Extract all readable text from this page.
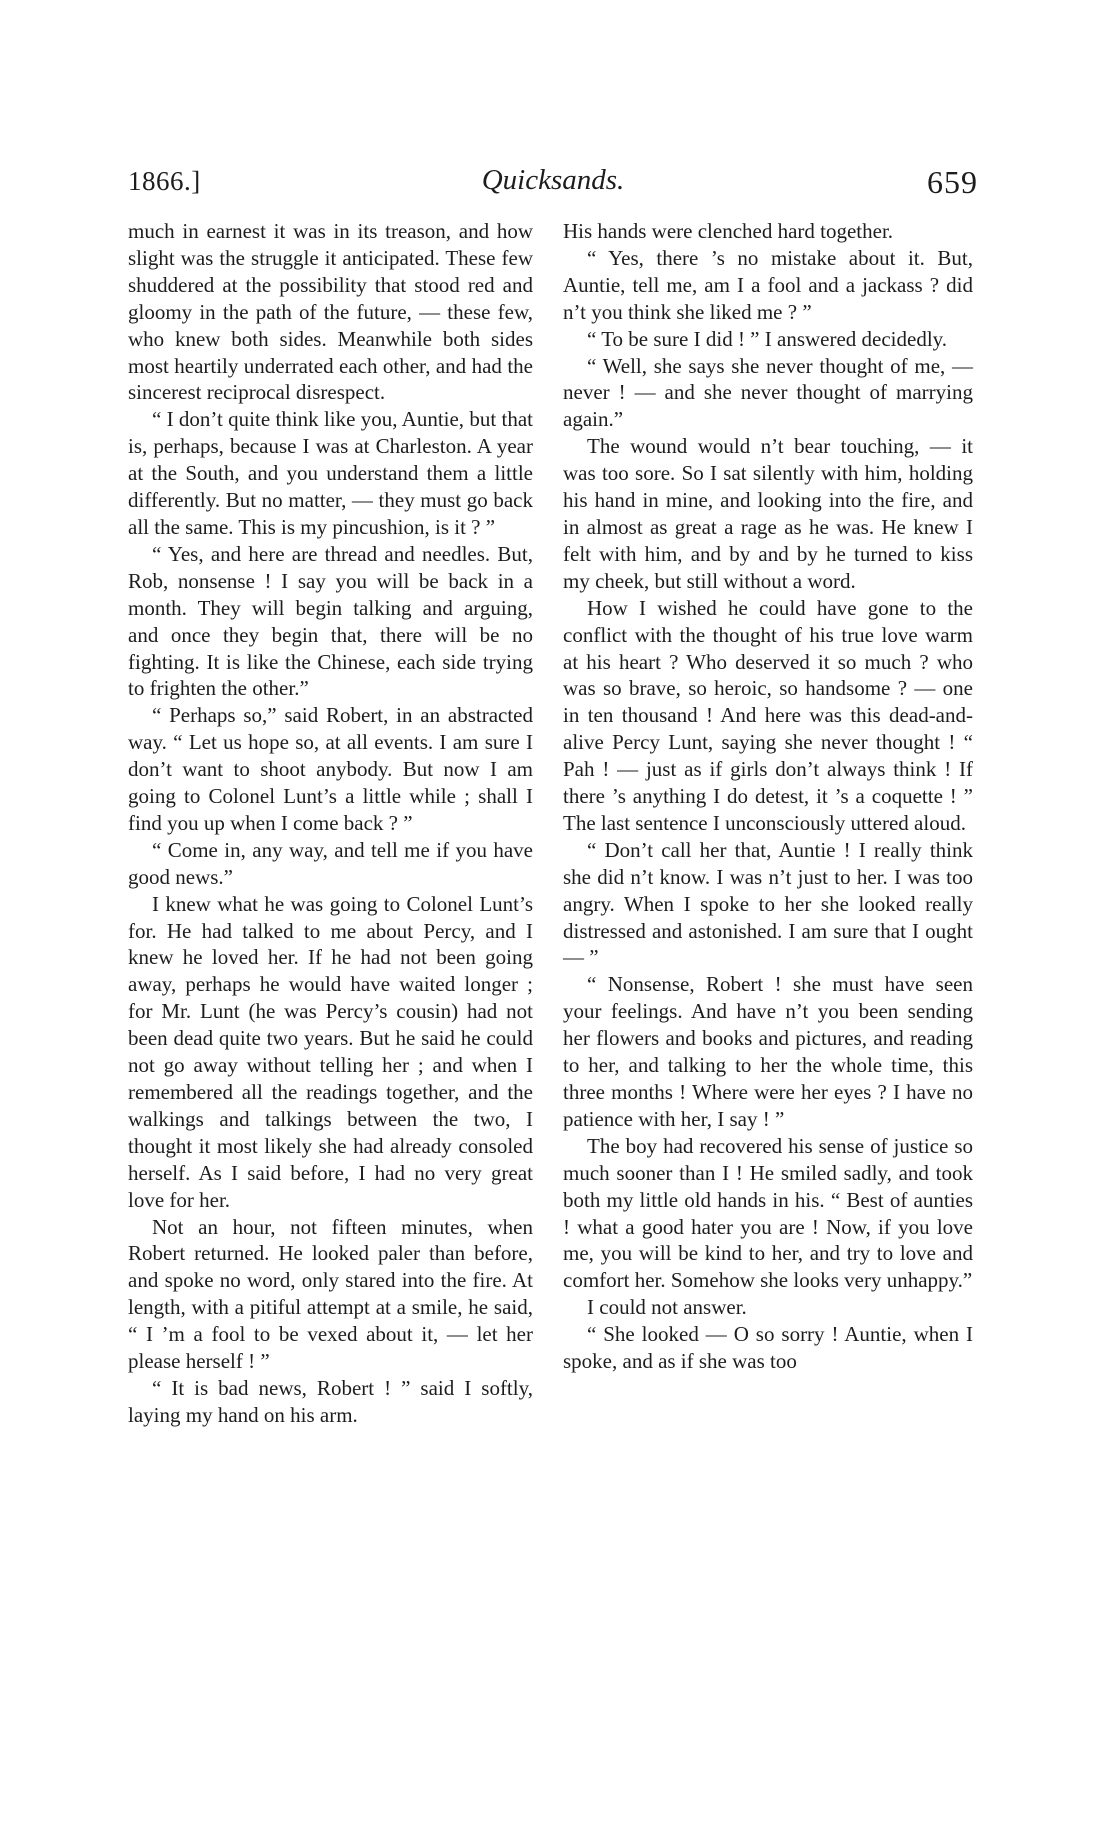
1866.]	Quicksands.	659

much in earnest it was in its treason, and how slight was the struggle it anticipated. These few shuddered at the possibility that stood red and gloomy in the path of the future, — these few, who knew both sides. Meanwhile both sides most heartily underrated each other, and had the sincerest reciprocal disrespect.

“ I don’t quite think like you, Auntie, but that is, perhaps, because I was at Charleston. A year at the South, and you understand them a little differently. But no matter, — they must go back all the same. This is my pincushion, is it ? ”

“ Yes, and here are thread and needles. But, Rob, nonsense ! I say you will be back in a month. They will begin talking and arguing, and once they begin that, there will be no fighting. It is like the Chinese, each side trying to frighten the other.”

“ Perhaps so,” said Robert, in an abstracted way. “ Let us hope so, at all events. I am sure I don’t want to shoot anybody. But now I am going to Colonel Lunt’s a little while ; shall I find you up when I come back ? ”

“ Come in, any way, and tell me if you have good news.”

I knew what he was going to Colonel Lunt’s for. He had talked to me about Percy, and I knew he loved her. If he had not been going away, perhaps he would have waited longer ; for Mr. Lunt (he was Percy’s cousin) had not been dead quite two years. But he said he could not go away without telling her ; and when I remembered all the readings together, and the walkings and talkings between the two, I thought it most likely she had already consoled herself. As I said before, I had no very great love for her.

Not an hour, not fifteen minutes, when Robert returned. He looked paler than before, and spoke no word, only stared into the fire. At length, with a pitiful attempt at a smile, he said, “ I ’m a fool to be vexed about it, — let her please herself ! ”

“ It is bad news, Robert ! ” said I softly, laying my hand on his arm.

His hands were clenched hard together.

“ Yes, there ’s no mistake about it. But, Auntie, tell me, am I a fool and a jackass ? did n’t you think she liked me ? ”

“ To be sure I did ! ” I answered decidedly.

“ Well, she says she never thought of me, — never ! — and she never thought of marrying again.”

The wound would n’t bear touching, — it was too sore. So I sat silently with him, holding his hand in mine, and looking into the fire, and in almost as great a rage as he was. He knew I felt with him, and by and by he turned to kiss my cheek, but still without a word.

How I wished he could have gone to the conflict with the thought of his true love warm at his heart ? Who deserved it so much ? who was so brave, so heroic, so handsome ? — one in ten thousand ! And here was this dead-and-alive Percy Lunt, saying she never thought ! “ Pah ! — just as if girls don’t always think ! If there ’s anything I do detest, it ’s a coquette ! ” The last sentence I unconsciously uttered aloud.

“ Don’t call her that, Auntie ! I really think she did n’t know. I was n’t just to her. I was too angry. When I spoke to her she looked really distressed and astonished. I am sure that I ought — ”

“ Nonsense, Robert ! she must have seen your feelings. And have n’t you been sending her flowers and books and pictures, and reading to her, and talking to her the whole time, this three months ! Where were her eyes ? I have no patience with her, I say ! ”

The boy had recovered his sense of justice so much sooner than I ! He smiled sadly, and took both my little old hands in his. “ Best of aunties ! what a good hater you are ! Now, if you love me, you will be kind to her, and try to love and comfort her. Somehow she looks very unhappy.”

I could not answer.

“ She looked — O so sorry ! Auntie, when I spoke, and as if she was too
